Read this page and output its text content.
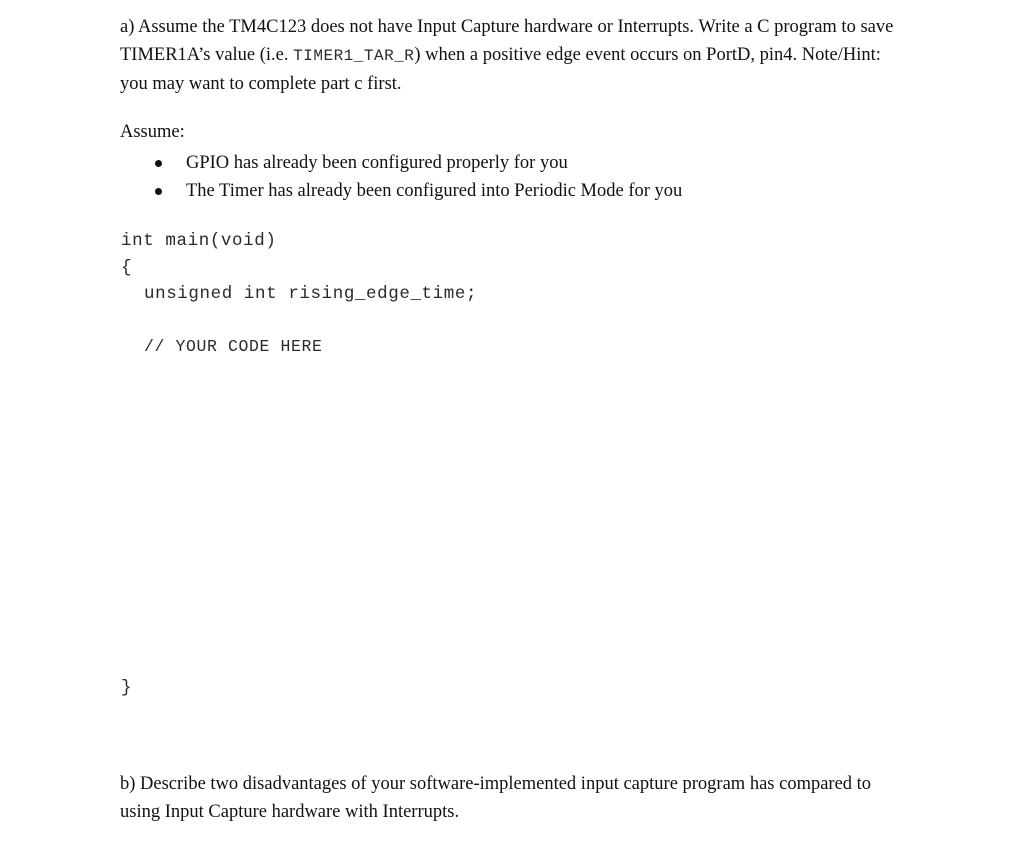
a) Assume the TM4C123 does not have Input Capture hardware or Interrupts. Write a C program to save TIMER1A’s value (i.e. TIMER1_TAR_R) when a positive edge event occurs on PortD, pin4. Note/Hint: you may want to complete part c first.
Assume:
GPIO has already been configured properly for you
The Timer has already been configured into Periodic Mode for you
int main(void)
{
unsigned int rising_edge_time;
// YOUR CODE HERE
}
b) Describe two disadvantages of your software-implemented input capture program has compared to using Input Capture hardware with Interrupts.
